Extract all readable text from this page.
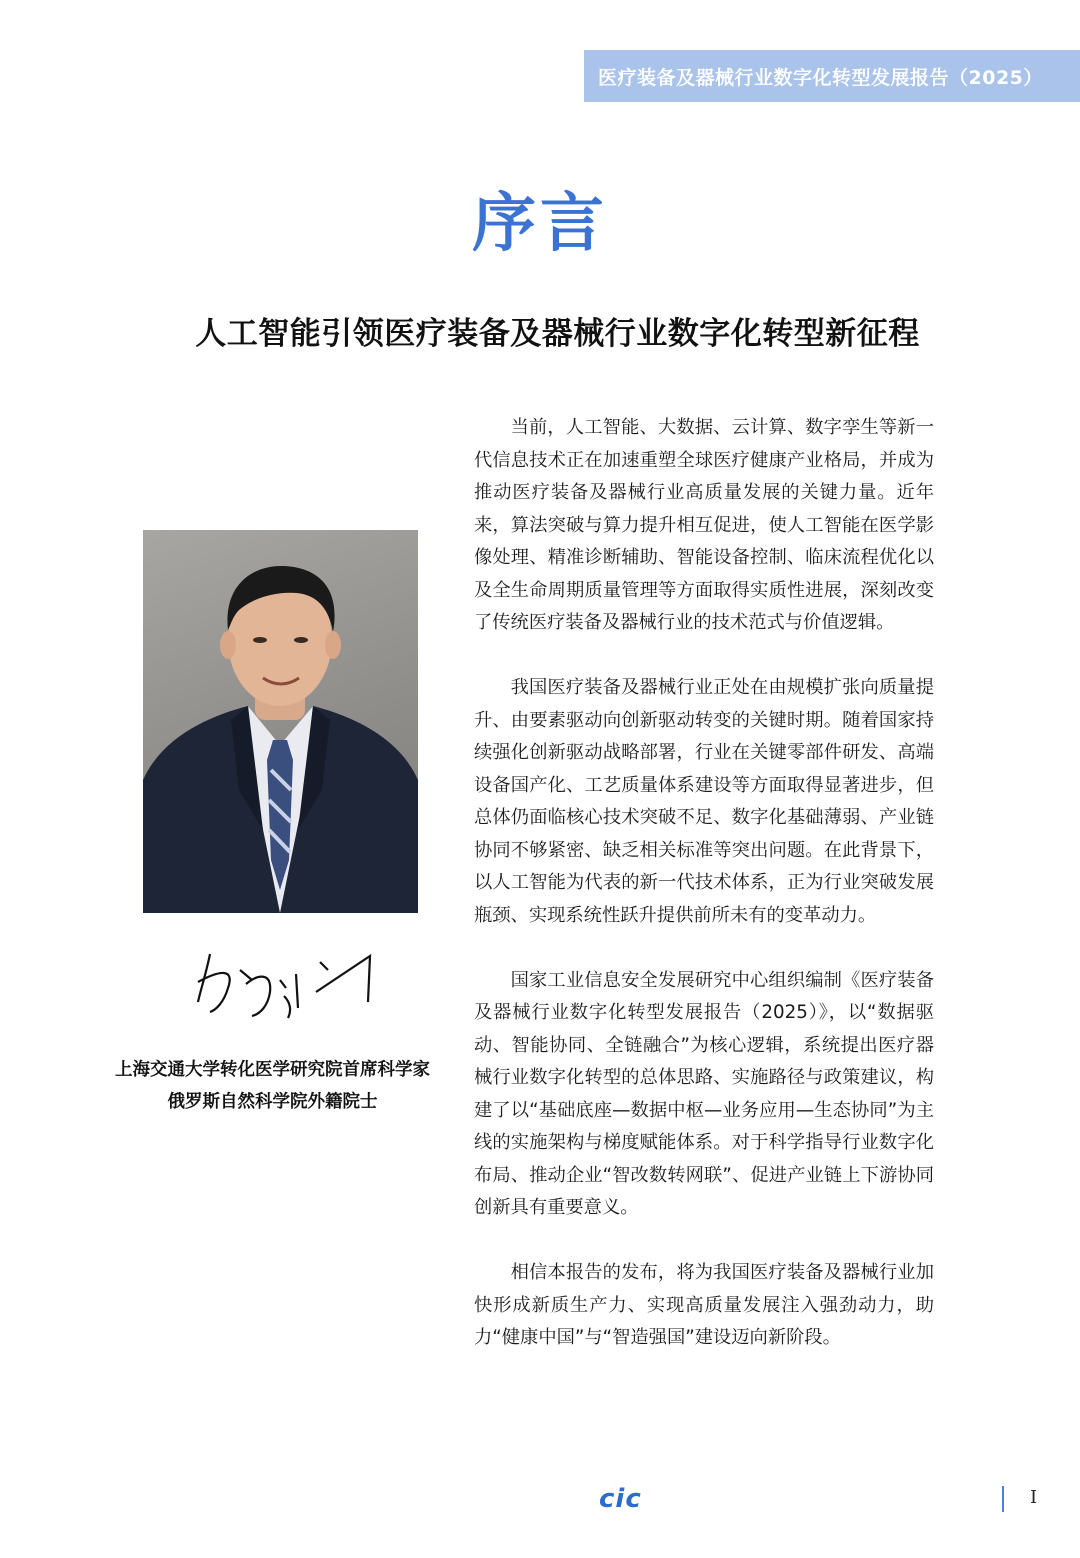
医疗装备及器械行业数字化转型发展报告（2025）
序言
人工智能引领医疗装备及器械行业数字化转型新征程
上海交通大学转化医学研究院首席科学家
俄罗斯自然科学院外籍院士

当前，人工智能、大数据、云计算、数字孪生等新一代信息技术正在加速重塑全球医疗健康产业格局，并成为推动医疗装备及器械行业高质量发展的关键力量。近年来，算法突破与算力提升相互促进，使人工智能在医学影像处理、精准诊断辅助、智能设备控制、临床流程优化以及全生命周期质量管理等方面取得实质性进展，深刻改变了传统医疗装备及器械行业的技术范式与价值逻辑。

我国医疗装备及器械行业正处在由规模扩张向质量提升、由要素驱动向创新驱动转变的关键时期。随着国家持续强化创新驱动战略部署，行业在关键零部件研发、高端设备国产化、工艺质量体系建设等方面取得显著进步，但总体仍面临核心技术突破不足、数字化基础薄弱、产业链协同不够紧密、缺乏相关标准等突出问题。在此背景下，以人工智能为代表的新一代技术体系，正为行业突破发展瓶颈、实现系统性跃升提供前所未有的变革动力。

国家工业信息安全发展研究中心组织编制《医疗装备及器械行业数字化转型发展报告（2025）》，以“数据驱动、智能协同、全链融合”为核心逻辑，系统提出医疗器械行业数字化转型的总体思路、实施路径与政策建议，构建了以“基础底座—数据中枢—业务应用—生态协同”为主线的实施架构与梯度赋能体系。对于科学指导行业数字化布局、推动企业“智改数转网联”、促进产业链上下游协同创新具有重要意义。

相信本报告的发布，将为我国医疗装备及器械行业加快形成新质生产力、实现高质量发展注入强劲动力，助力“健康中国”与“智造强国”建设迈向新阶段。

cic	I
